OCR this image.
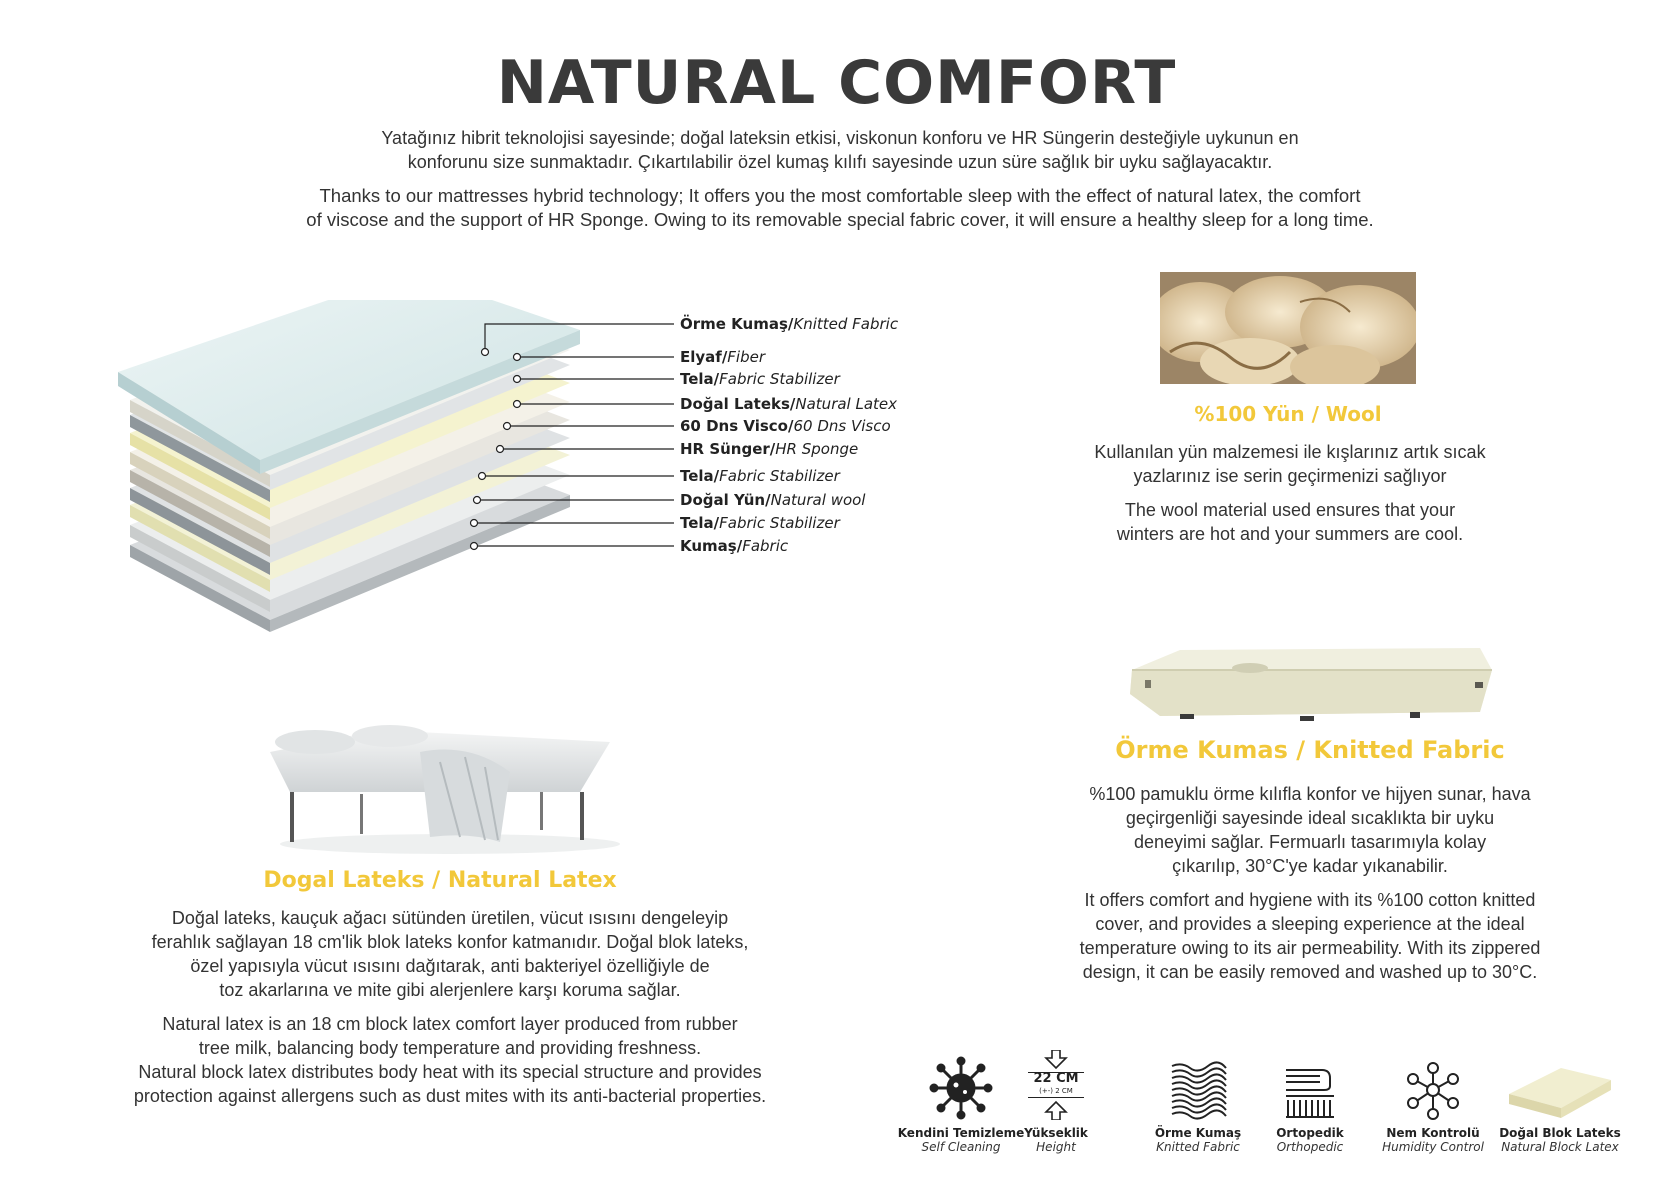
NATURAL COMFORT

Yatağınız hibrit teknolojisi sayesinde; doğal lateksin etkisi, viskonun konforu ve HR Süngerin desteğiyle uykunun en

konforunu size sunmaktadır. Çıkartılabilir özel kumaş kılıfı sayesinde uzun süre sağlık bir uyku sağlayacaktır.

Thanks to our mattresses hybrid technology; It offers you the most comfortable sleep with the effect of natural latex, the comfort

of viscose and the support of HR Sponge. Owing to its removable special fabric cover, it will ensure a healthy sleep for a long time.

Örme Kumaş/Knitted Fabric
Elyaf/Fiber
Tela/Fabric Stabilizer
Doğal Lateks/Natural Latex
60 Dns Visco/60 Dns Visco
HR Sünger/HR Sponge
Tela/Fabric Stabilizer
Doğal Yün/Natural wool
Tela/Fabric Stabilizer
Kumaş/Fabric
%100 Yün / Wool

Kullanılan yün malzemesi ile kışlarınız artık sıcak

yazlarınız ise serin geçirmenizi sağlıyor

The wool material used ensures that your

winters are hot and your summers are cool.

Örme Kumas / Knitted Fabric

%100 pamuklu örme kılıfla konfor ve hijyen sunar, hava

geçirgenliği sayesinde ideal sıcaklıkta bir uyku

deneyimi sağlar. Fermuarlı tasarımıyla kolay

çıkarılıp, 30°C'ye kadar yıkanabilir.

It offers comfort and hygiene with its %100 cotton knitted

cover, and provides a sleeping experience at the ideal

temperature owing to its air permeability. With its zippered

design, it can be easily removed and washed up to 30°C.

Dogal Lateks / Natural Latex

Doğal lateks, kauçuk ağacı sütünden üretilen, vücut ısısını dengeleyip

ferahlık sağlayan 18 cm'lik blok lateks konfor katmanıdır. Doğal blok lateks,

özel yapısıyla vücut ısısını dağıtarak, anti bakteriyel özelliğiyle de

toz akarlarına ve mite gibi alerjenlere karşı koruma sağlar.

Natural latex is an 18 cm block latex comfort layer produced from rubber

tree milk, balancing body temperature and providing freshness.

Natural block latex distributes body heat with its special structure and provides

protection against allergens such as dust mites with its anti-bacterial properties.

Kendini Temizleme
Self Cleaning
22 CM
(+-) 2 CM
Yükseklik
Height
Örme Kumaş
Knitted Fabric
Ortopedik
Orthopedic
Nem Kontrolü
Humidity Control
Doğal Blok Lateks
Natural Block Latex
